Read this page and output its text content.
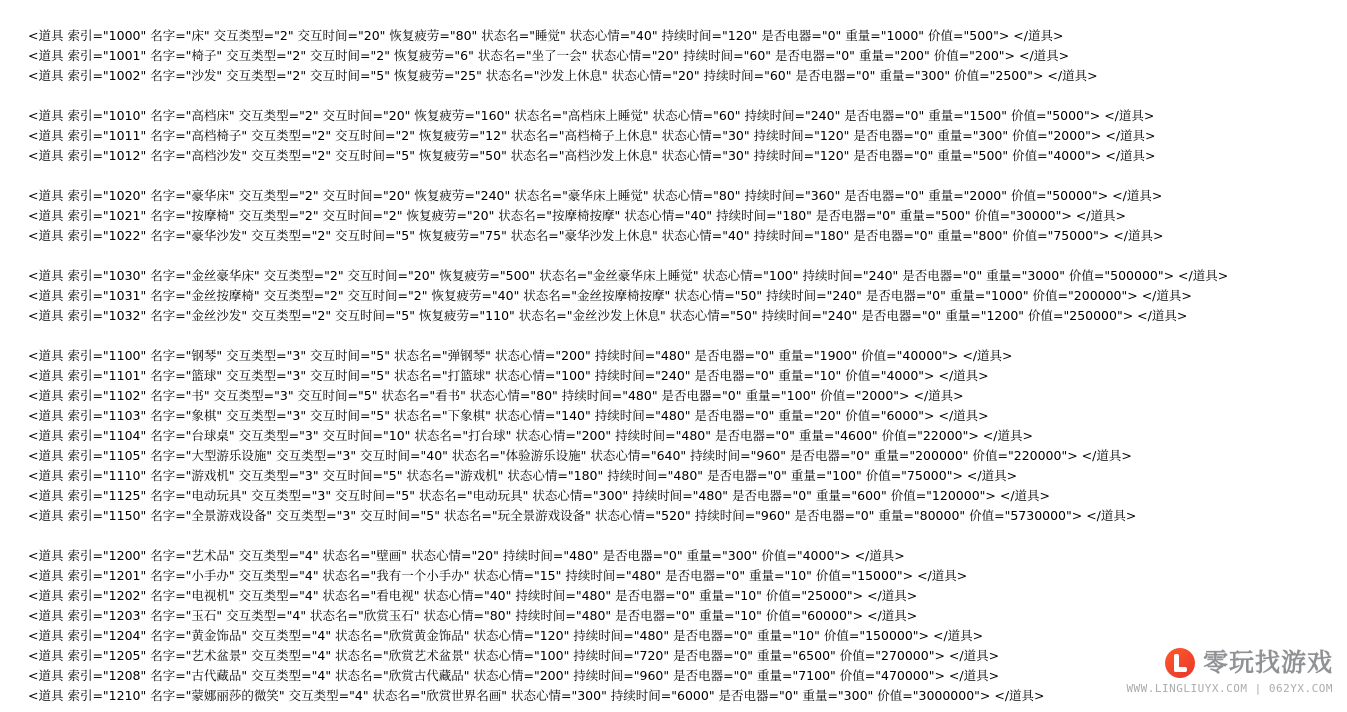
<道具 索引="1000" 名字="床" 交互类型="2" 交互时间="20" 恢复疲劳="80" 状态名="睡觉" 状态心情="40" 持续时间="120" 是否电器="0" 重量="1000" 价值="500"> </道具>
<道具 索引="1001" 名字="椅子" 交互类型="2" 交互时间="2" 恢复疲劳="6" 状态名="坐了一会" 状态心情="20" 持续时间="60" 是否电器="0" 重量="200" 价值="200"> </道具>
<道具 索引="1002" 名字="沙发" 交互类型="2" 交互时间="5" 恢复疲劳="25" 状态名="沙发上休息" 状态心情="20" 持续时间="60" 是否电器="0" 重量="300" 价值="2500"> </道具>
<道具 索引="1010" 名字="高档床" 交互类型="2" 交互时间="20" 恢复疲劳="160" 状态名="高档床上睡觉" 状态心情="60" 持续时间="240" 是否电器="0" 重量="1500" 价值="5000"> </道具>
<道具 索引="1011" 名字="高档椅子" 交互类型="2" 交互时间="2" 恢复疲劳="12" 状态名="高档椅子上休息" 状态心情="30" 持续时间="120" 是否电器="0" 重量="300" 价值="2000"> </道具>
<道具 索引="1012" 名字="高档沙发" 交互类型="2" 交互时间="5" 恢复疲劳="50" 状态名="高档沙发上休息" 状态心情="30" 持续时间="120" 是否电器="0" 重量="500" 价值="4000"> </道具>
<道具 索引="1020" 名字="豪华床" 交互类型="2" 交互时间="20" 恢复疲劳="240" 状态名="豪华床上睡觉" 状态心情="80" 持续时间="360" 是否电器="0" 重量="2000" 价值="50000"> </道具>
<道具 索引="1021" 名字="按摩椅" 交互类型="2" 交互时间="2" 恢复疲劳="20" 状态名="按摩椅按摩" 状态心情="40" 持续时间="180" 是否电器="0" 重量="500" 价值="30000"> </道具>
<道具 索引="1022" 名字="豪华沙发" 交互类型="2" 交互时间="5" 恢复疲劳="75" 状态名="豪华沙发上休息" 状态心情="40" 持续时间="180" 是否电器="0" 重量="800" 价值="75000"> </道具>
<道具 索引="1030" 名字="金丝豪华床" 交互类型="2" 交互时间="20" 恢复疲劳="500" 状态名="金丝豪华床上睡觉" 状态心情="100" 持续时间="240" 是否电器="0" 重量="3000" 价值="500000"> </道具>
<道具 索引="1031" 名字="金丝按摩椅" 交互类型="2" 交互时间="2" 恢复疲劳="40" 状态名="金丝按摩椅按摩" 状态心情="50" 持续时间="240" 是否电器="0" 重量="1000" 价值="200000"> </道具>
<道具 索引="1032" 名字="金丝沙发" 交互类型="2" 交互时间="5" 恢复疲劳="110" 状态名="金丝沙发上休息" 状态心情="50" 持续时间="240" 是否电器="0" 重量="1200" 价值="250000"> </道具>
<道具 索引="1100" 名字="钢琴" 交互类型="3" 交互时间="5" 状态名="弹钢琴" 状态心情="200" 持续时间="480" 是否电器="0" 重量="1900" 价值="40000"> </道具>
<道具 索引="1101" 名字="篮球" 交互类型="3" 交互时间="5" 状态名="打篮球" 状态心情="100" 持续时间="240" 是否电器="0" 重量="10" 价值="4000"> </道具>
<道具 索引="1102" 名字="书" 交互类型="3" 交互时间="5" 状态名="看书" 状态心情="80" 持续时间="480" 是否电器="0" 重量="100" 价值="2000"> </道具>
<道具 索引="1103" 名字="象棋" 交互类型="3" 交互时间="5" 状态名="下象棋" 状态心情="140" 持续时间="480" 是否电器="0" 重量="20" 价值="6000"> </道具>
<道具 索引="1104" 名字="台球桌" 交互类型="3" 交互时间="10" 状态名="打台球" 状态心情="200" 持续时间="480" 是否电器="0" 重量="4600" 价值="22000"> </道具>
<道具 索引="1105" 名字="大型游乐设施" 交互类型="3" 交互时间="40" 状态名="体验游乐设施" 状态心情="640" 持续时间="960" 是否电器="0" 重量="200000" 价值="220000"> </道具>
<道具 索引="1110" 名字="游戏机" 交互类型="3" 交互时间="5" 状态名="游戏机" 状态心情="180" 持续时间="480" 是否电器="0" 重量="100" 价值="75000"> </道具>
<道具 索引="1125" 名字="电动玩具" 交互类型="3" 交互时间="5" 状态名="电动玩具" 状态心情="300" 持续时间="480" 是否电器="0" 重量="600" 价值="120000"> </道具>
<道具 索引="1150" 名字="全景游戏设备" 交互类型="3" 交互时间="5" 状态名="玩全景游戏设备" 状态心情="520" 持续时间="960" 是否电器="0" 重量="80000" 价值="5730000"> </道具>
<道具 索引="1200" 名字="艺术品" 交互类型="4" 状态名="壁画" 状态心情="20" 持续时间="480" 是否电器="0" 重量="300" 价值="4000"> </道具>
<道具 索引="1201" 名字="小手办" 交互类型="4" 状态名="我有一个小手办" 状态心情="15" 持续时间="480" 是否电器="0" 重量="10" 价值="15000"> </道具>
<道具 索引="1202" 名字="电视机" 交互类型="4" 状态名="看电视" 状态心情="40" 持续时间="480" 是否电器="0" 重量="10" 价值="25000"> </道具>
<道具 索引="1203" 名字="玉石" 交互类型="4" 状态名="欣赏玉石" 状态心情="80" 持续时间="480" 是否电器="0" 重量="10" 价值="60000"> </道具>
<道具 索引="1204" 名字="黄金饰品" 交互类型="4" 状态名="欣赏黄金饰品" 状态心情="120" 持续时间="480" 是否电器="0" 重量="10" 价值="150000"> </道具>
<道具 索引="1205" 名字="艺术盆景" 交互类型="4" 状态名="欣赏艺术盆景" 状态心情="100" 持续时间="720" 是否电器="0" 重量="6500" 价值="270000"> </道具>
<道具 索引="1208" 名字="古代藏品" 交互类型="4" 状态名="欣赏古代藏品" 状态心情="200" 持续时间="960" 是否电器="0" 重量="7100" 价值="470000"> </道具>
<道具 索引="1210" 名字="蒙娜丽莎的微笑" 交互类型="4" 状态名="欣赏世界名画" 状态心情="300" 持续时间="6000" 是否电器="0" 重量="300" 价值="3000000"> </道具>
零玩找游戏
WWW.LINGLIUYX.COM | 062YX.COM
